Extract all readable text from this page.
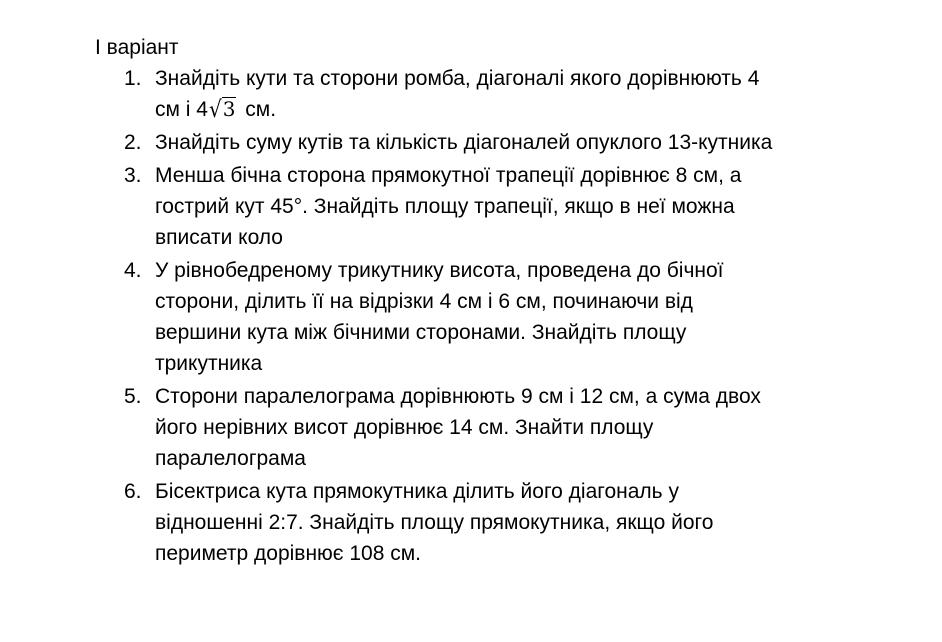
І варіант
1. Знайдіть кути та сторони ромба, діагоналі якого дорівнюють 4
см і 4√3 см.
2. Знайдіть суму кутів та кількість діагоналей опуклого 13-кутника
3. Менша бічна сторона прямокутної трапеції дорівнює 8 см, а
гострий кут 45°. Знайдіть площу трапеції, якщо в неї можна
вписати коло
4. У рівнобедреному трикутнику висота, проведена до бічної
сторони, ділить її на відрізки 4 см і 6 см, починаючи від
вершини кута між бічними сторонами. Знайдіть площу
трикутника
5. Сторони паралелограма дорівнюють 9 см і 12 см, а сума двох
його нерівних висот дорівнює 14 см. Знайти площу
паралелограма
6. Бісектриса кута прямокутника ділить його діагональ у
відношенні 2:7. Знайдіть площу прямокутника, якщо його
периметр дорівнює 108 см.
